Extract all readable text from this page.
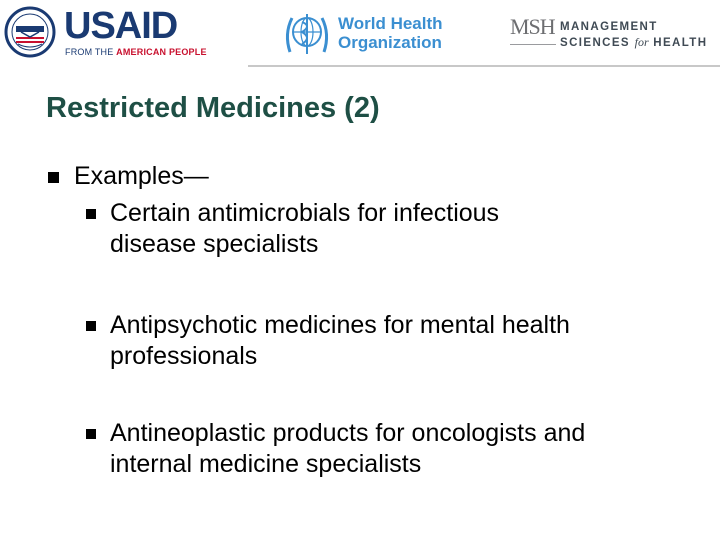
USAID
FROM THE AMERICAN PEOPLE
World Health
Organization
MSH MANAGEMENT
SCIENCES for HEALTH
Restricted Medicines (2)
Examples—
Certain antimicrobials for infectious
disease specialists
Antipsychotic medicines for mental health
professionals
Antineoplastic products for oncologists and
internal medicine specialists
